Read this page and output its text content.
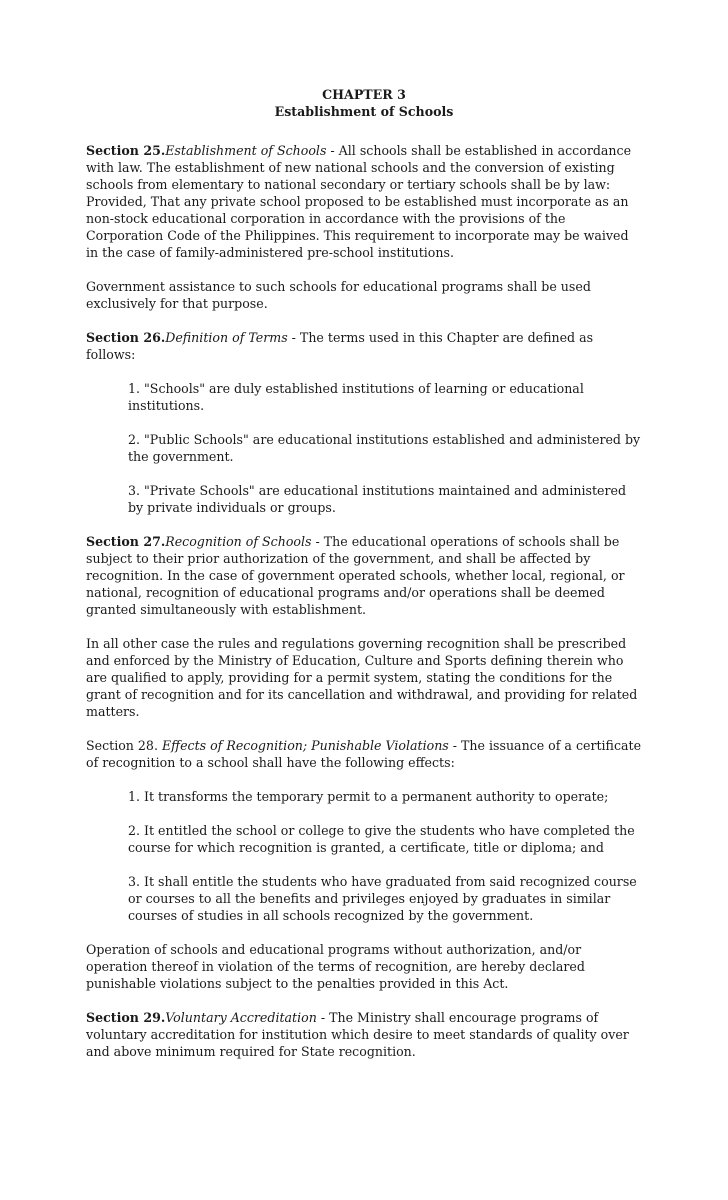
CHAPTER 3

Establishment of Schools

Section 25.Establishment of Schools - All schools shall be established in accordance with law. The establishment of new national schools and the conversion of existing schools from elementary to national secondary or tertiary schools shall be by law: Provided, That any private school proposed to be established must incorporate as an non-stock educational corporation in accordance with the provisions of the Corporation Code of the Philippines. This requirement to incorporate may be waived in the case of family-administered pre-school institutions.

Government assistance to such schools for educational programs shall be used exclusively for that purpose.

Section 26.Definition of Terms - The terms used in this Chapter are defined as follows:

1. "Schools" are duly established institutions of learning or educational institutions.

2. "Public Schools" are educational institutions established and administered by the government.

3. "Private Schools" are educational institutions maintained and administered by private individuals or groups.

Section 27.Recognition of Schools - The educational operations of schools shall be subject to their prior authorization of the government, and shall be affected by recognition. In the case of government operated schools, whether local, regional, or national, recognition of educational programs and/or operations shall be deemed granted simultaneously with establishment.

In all other case the rules and regulations governing recognition shall be prescribed and enforced by the Ministry of Education, Culture and Sports defining therein who are qualified to apply, providing for a permit system, stating the conditions for the grant of recognition and for its cancellation and withdrawal, and providing for related matters.

Section 28. Effects of Recognition; Punishable Violations - The issuance of a certificate of recognition to a school shall have the following effects:

1. It transforms the temporary permit to a permanent authority to operate;

2. It entitled the school or college to give the students who have completed the course for which recognition is granted, a certificate, title or diploma; and

3. It shall entitle the students who have graduated from said recognized course or courses to all the benefits and privileges enjoyed by graduates in similar courses of studies in all schools recognized by the government.

Operation of schools and educational programs without authorization, and/or operation thereof in violation of the terms of recognition, are hereby declared punishable violations subject to the penalties provided in this Act.

Section 29.Voluntary Accreditation - The Ministry shall encourage programs of voluntary accreditation for institution which desire to meet standards of quality over and above minimum required for State recognition.
